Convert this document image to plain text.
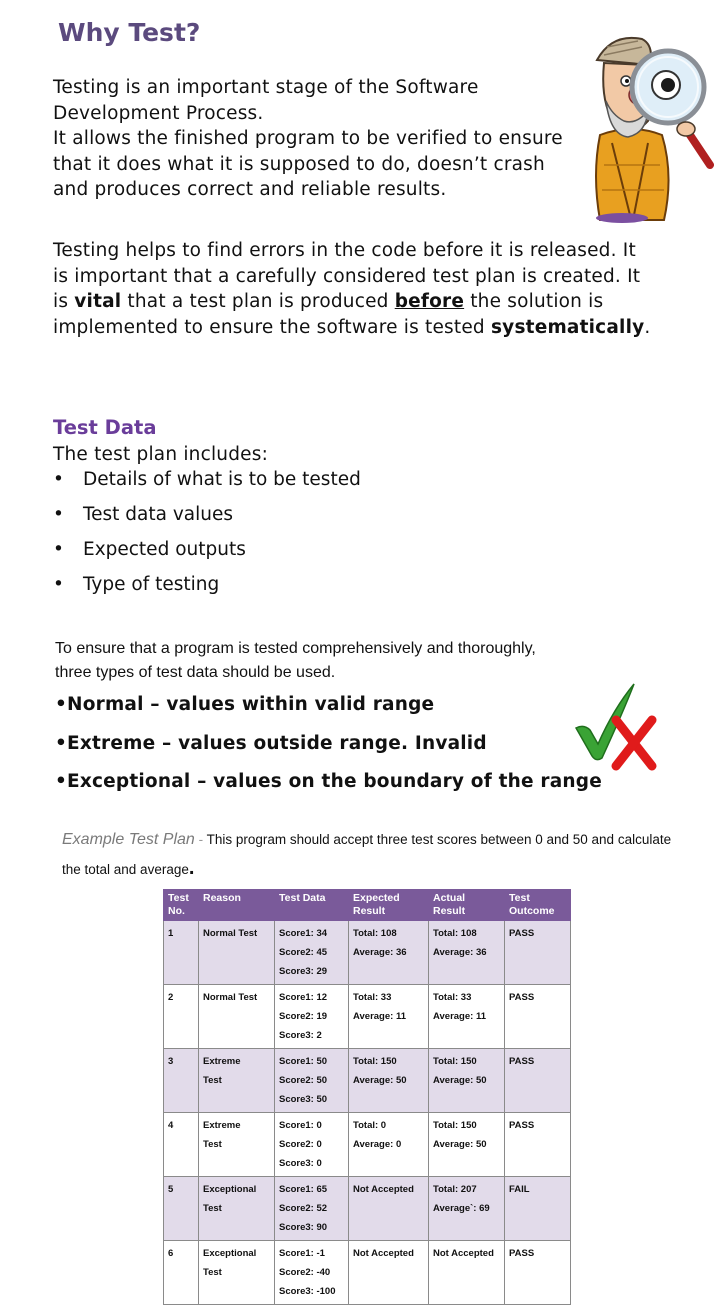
Why Test?

Testing is an important stage of the Software Development Process.

It allows the finished program to be verified to ensure that it does what it is supposed to do, doesn’t crash and produces correct and reliable results.

Testing helps to find errors in the code before it is released. It is important that a carefully considered test plan is created. It is vital that a test plan is produced before the solution is implemented to ensure the software is tested systematically.
Test Data
The test plan includes:
• Details of what is to be tested
• Test data values
• Expected outputs
• Type of testing
To ensure that a program is tested comprehensively and thoroughly, three types of test data should be used.
•Normal – values within valid range
•Extreme – values outside range. Invalid
•Exceptional – values on the boundary of the range
Example Test Plan - This program should accept three test scores between 0 and 50 and calculate the total and average.
Test No.	Reason	Test Data	Expected Result	Actual Result	Test Outcome
1	Normal Test	Score1: 34
Score2: 45
Score3: 29	Total: 108
Average: 36	Total: 108
Average: 36	PASS
2	Normal Test	Score1: 12
Score2: 19
Score3: 2	Total: 33
Average: 11	Total: 33
Average: 11	PASS
3	Extreme
Test	Score1: 50
Score2: 50
Score3: 50	Total: 150
Average: 50	Total: 150
Average: 50	PASS
4	Extreme
Test	Score1: 0
Score2: 0
Score3: 0	Total: 0
Average: 0	Total: 150
Average: 50	PASS
5	Exceptional
Test	Score1: 65
Score2: 52
Score3: 90	Not Accepted	Total: 207
Average`: 69	FAIL
6	Exceptional
Test	Score1: -1
Score2: -40
Score3: -100	Not Accepted	Not Accepted	PASS
